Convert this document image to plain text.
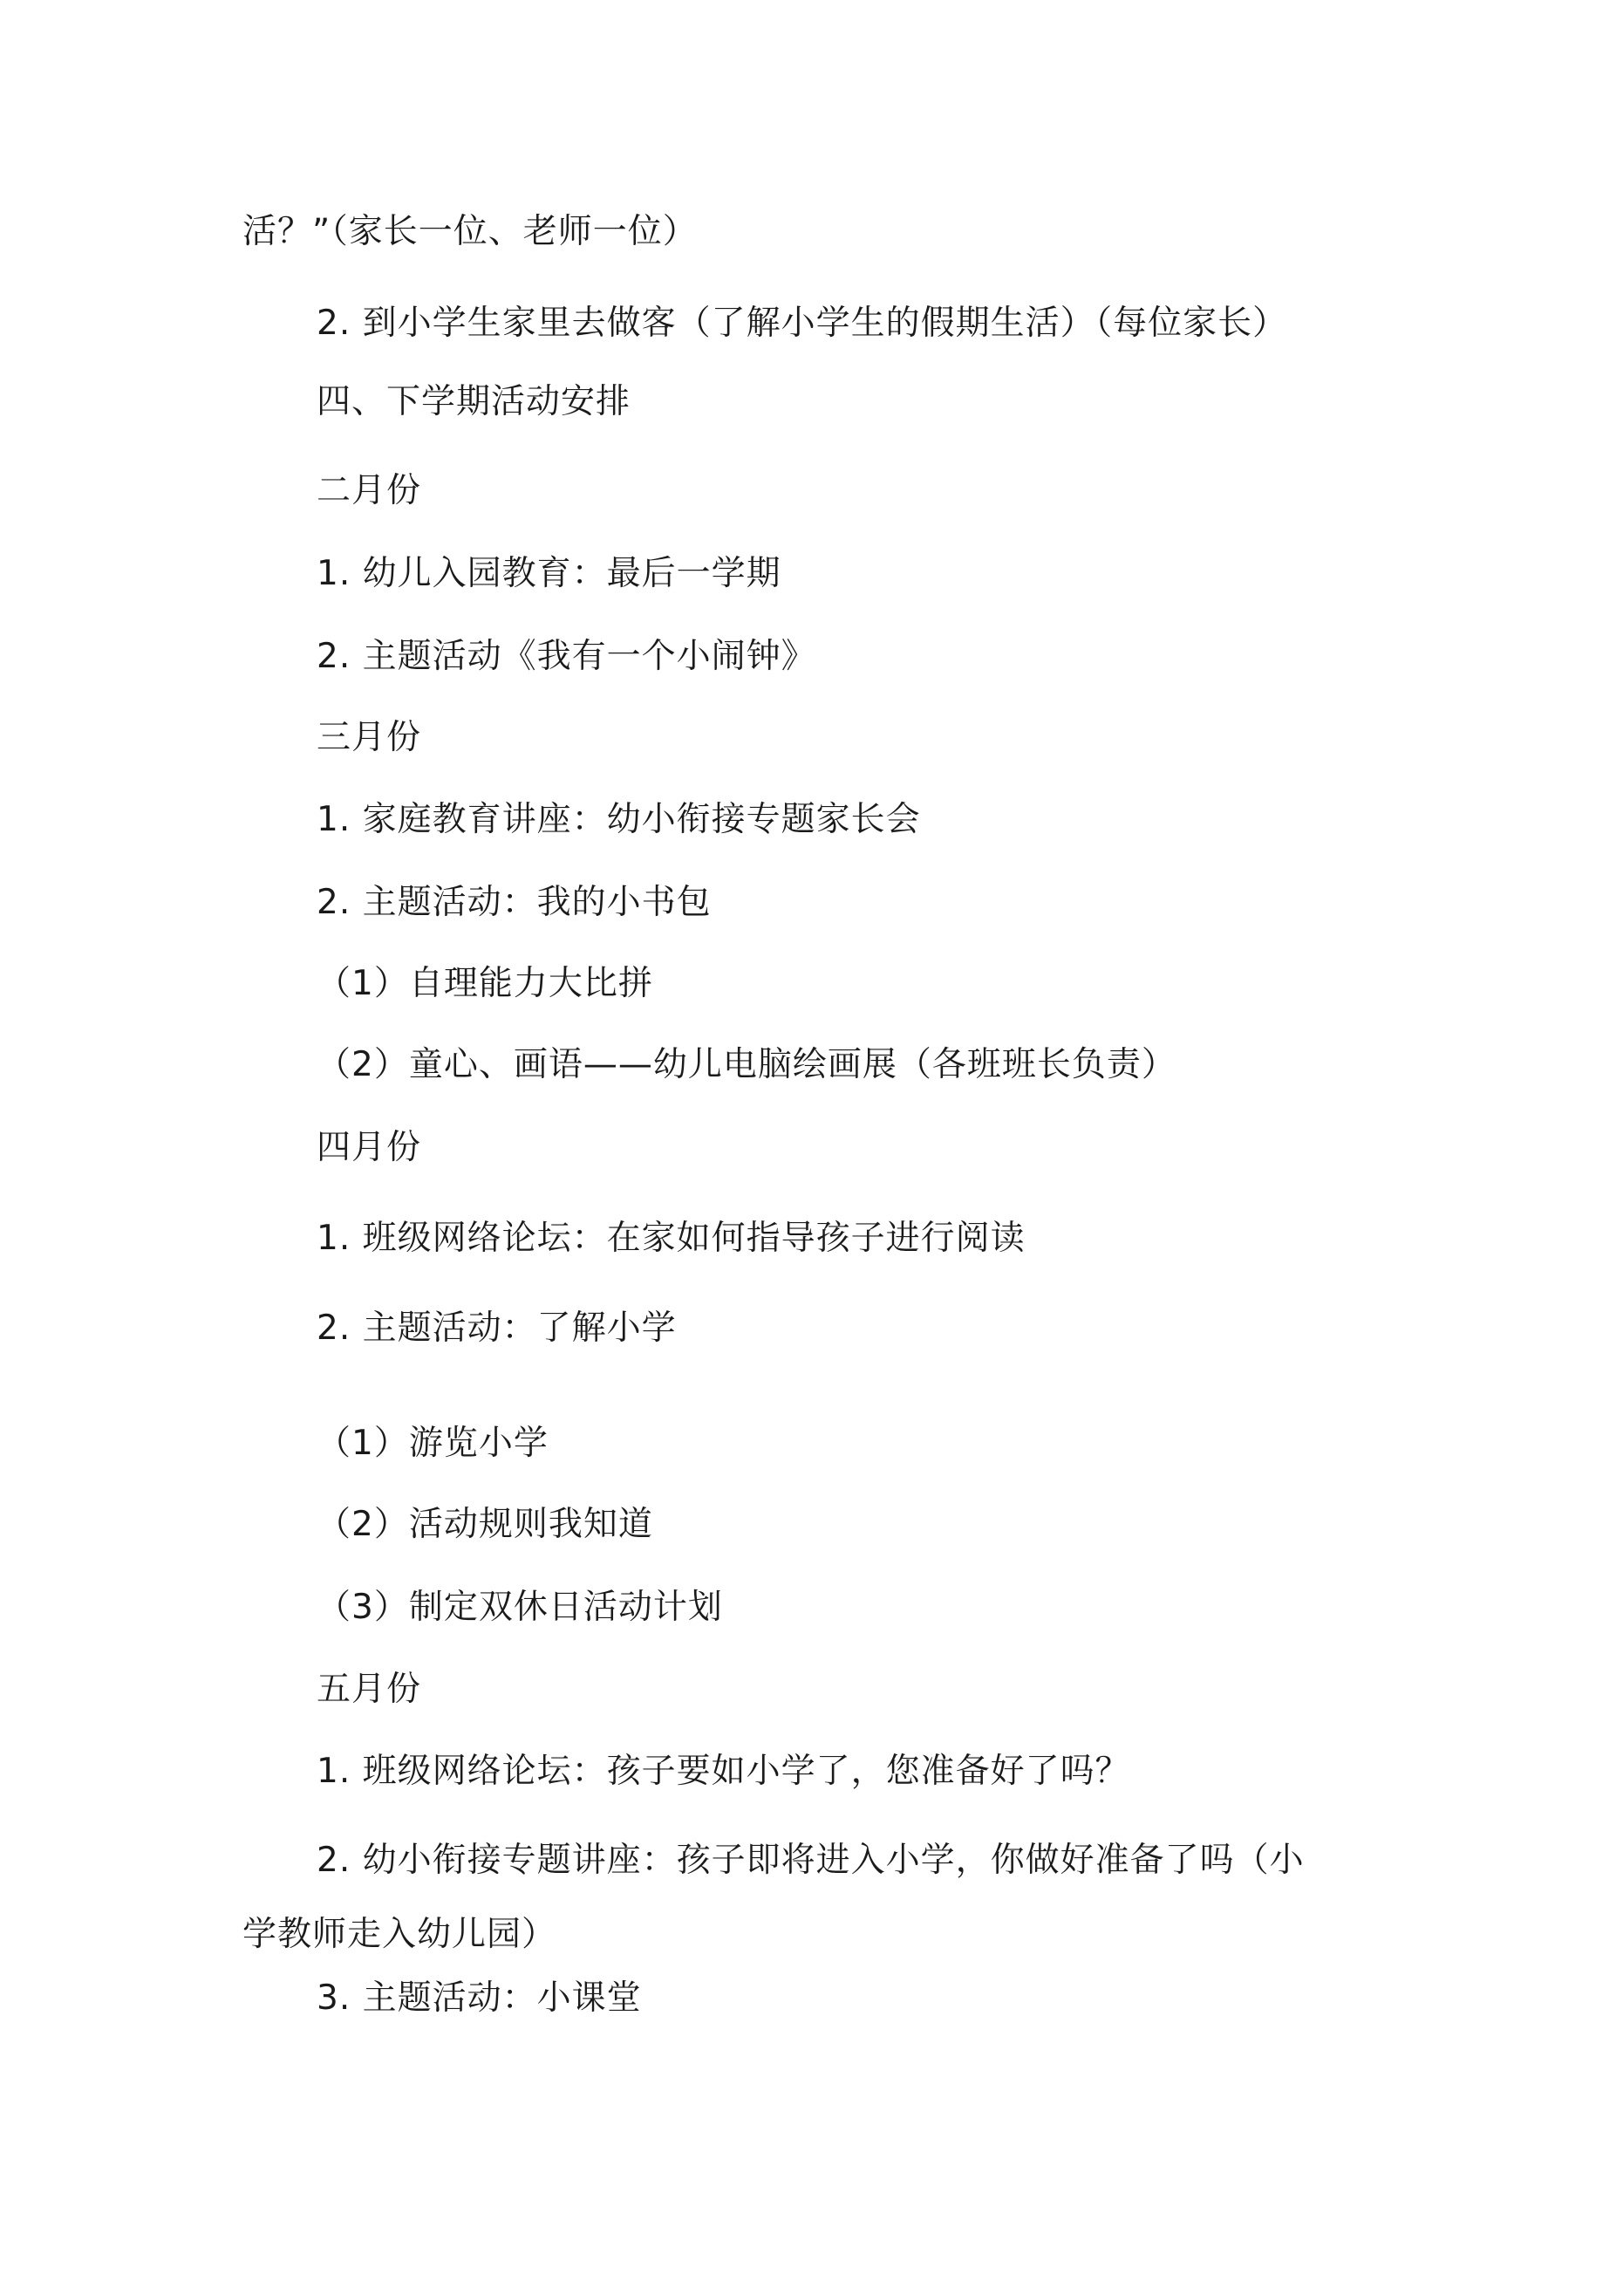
活？”（家长一位、老师一位）
2. 到小学生家里去做客（了解小学生的假期生活）（每位家长）
四、下学期活动安排
二月份
1. 幼儿入园教育：最后一学期
2. 主题活动《我有一个小闹钟》
三月份
1. 家庭教育讲座：幼小衔接专题家长会
2. 主题活动：我的小书包
（1）自理能力大比拼
（2）童心、画语——幼儿电脑绘画展（各班班长负责）
四月份
1. 班级网络论坛：在家如何指导孩子进行阅读
2. 主题活动：了解小学
（1）游览小学
（2）活动规则我知道
（3）制定双休日活动计划
五月份
1. 班级网络论坛：孩子要如小学了，您准备好了吗？
2. 幼小衔接专题讲座：孩子即将进入小学，你做好准备了吗（小
学教师走入幼儿园）
3. 主题活动：小课堂
